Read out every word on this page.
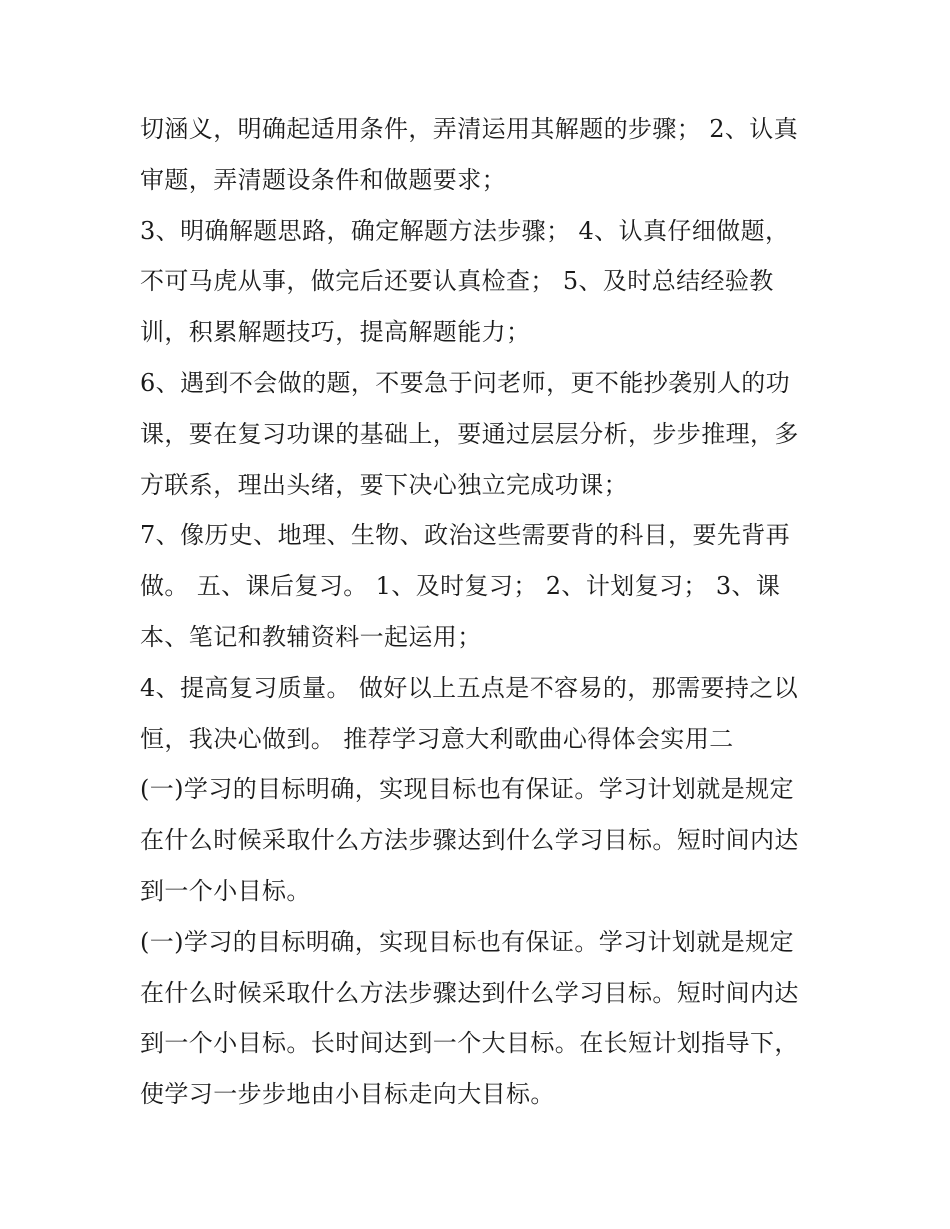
切涵义，明确起适用条件，弄清运用其解题的步骤； 2、认真
审题，弄清题设条件和做题要求；
3、明确解题思路，确定解题方法步骤； 4、认真仔细做题，
不可马虎从事，做完后还要认真检查； 5、及时总结经验教
训，积累解题技巧，提高解题能力；
6、遇到不会做的题，不要急于问老师，更不能抄袭别人的功
课，要在复习功课的基础上，要通过层层分析，步步推理，多
方联系，理出头绪，要下决心独立完成功课；
7、像历史、地理、生物、政治这些需要背的科目，要先背再
做。 五、课后复习。 1、及时复习； 2、计划复习； 3、课
本、笔记和教辅资料一起运用；
4、提高复习质量。 做好以上五点是不容易的，那需要持之以
恒，我决心做到。 推荐学习意大利歌曲心得体会实用二
(一)学习的目标明确，实现目标也有保证。学习计划就是规定
在什么时候采取什么方法步骤达到什么学习目标。短时间内达
到一个小目标。
(一)学习的目标明确，实现目标也有保证。学习计划就是规定
在什么时候采取什么方法步骤达到什么学习目标。短时间内达
到一个小目标。长时间达到一个大目标。在长短计划指导下，
使学习一步步地由小目标走向大目标。
